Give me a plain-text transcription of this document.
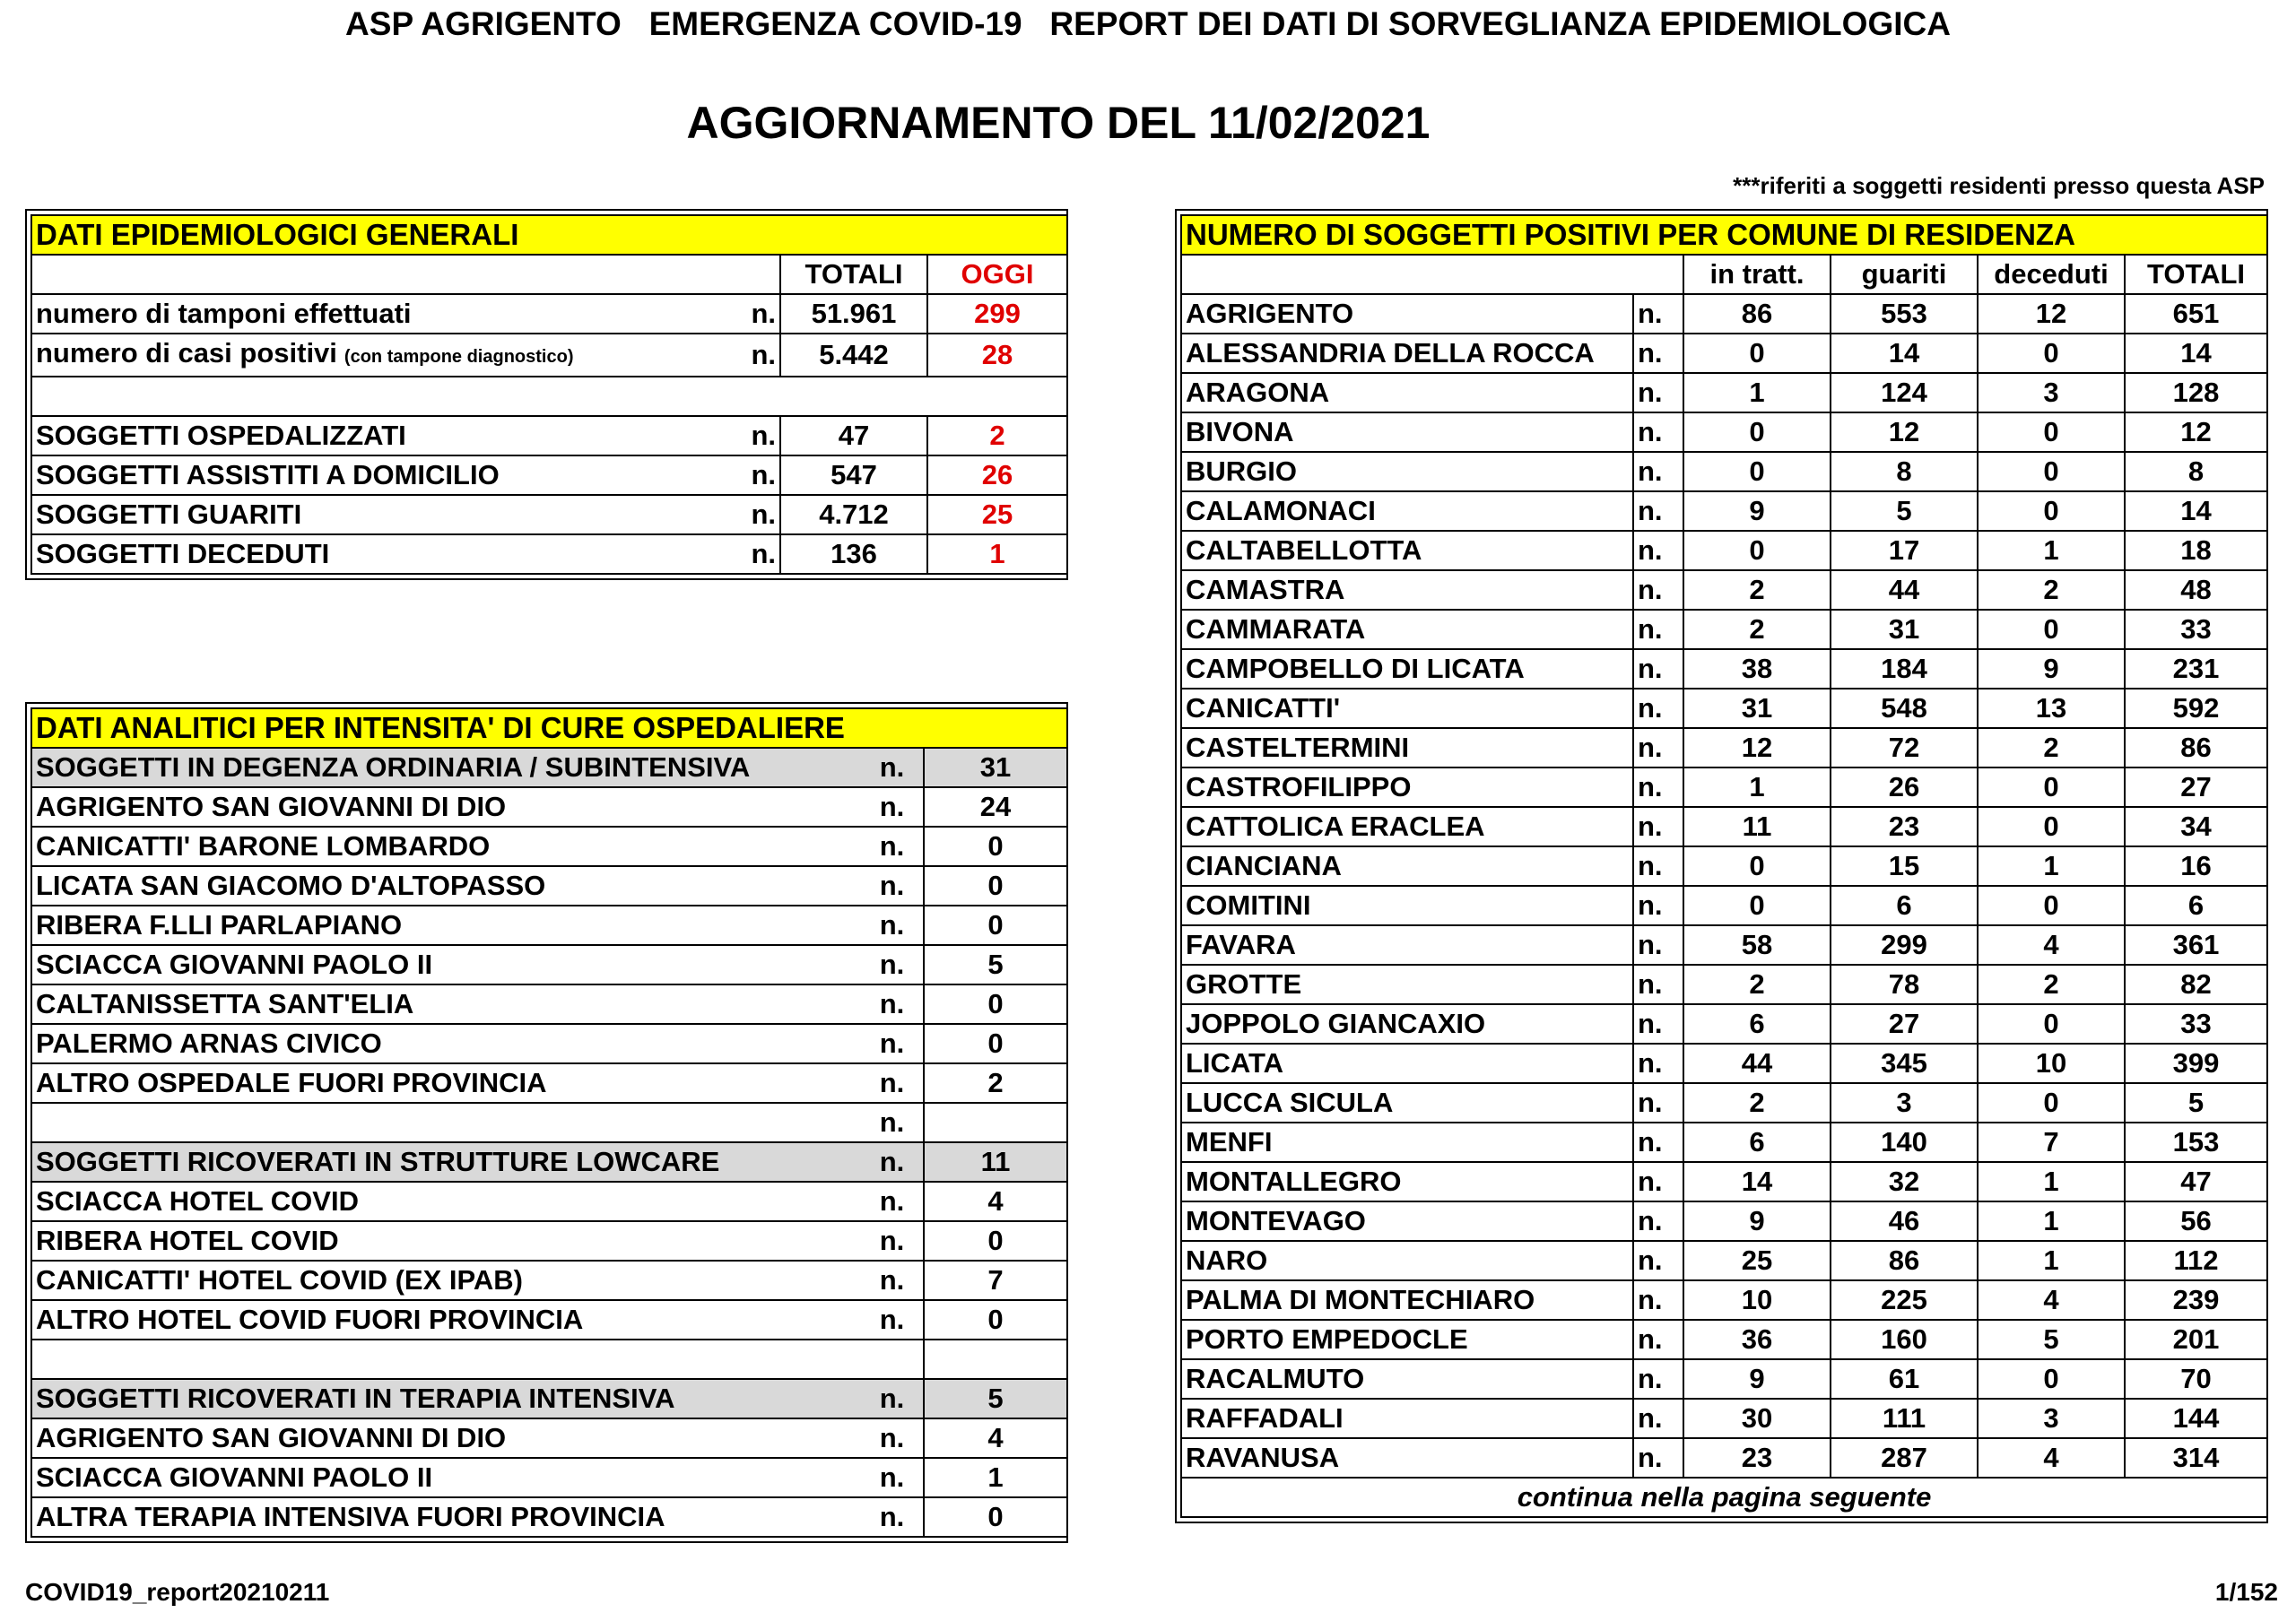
ASP AGRIGENTO   EMERGENZA COVID-19   REPORT DEI DATI DI SORVEGLIANZA EPIDEMIOLOGICA
AGGIORNAMENTO DEL 11/02/2021
***riferiti a soggetti residenti presso questa ASP
DATI EPIDEMIOLOGICI GENERALI			
		TOTALI	OGGI
numero di tamponi effettuati	n.	51.961	299
numero di casi positivi (con tampone diagnostico)	n.	5.442	28

SOGGETTI OSPEDALIZZATI	n.	47	2
SOGGETTI ASSISTITI A DOMICILIO	n.	547	26
SOGGETTI GUARITI	n.	4.712	25
SOGGETTI DECEDUTI	n.	136	1
DATI ANALITICI PER INTENSITA' DI CURE OSPEDALIERE		
SOGGETTI IN DEGENZA ORDINARIA / SUBINTENSIVA	n.	31
AGRIGENTO SAN GIOVANNI DI DIO	n.	24
CANICATTI' BARONE LOMBARDO	n.	0
LICATA SAN GIACOMO D'ALTOPASSO	n.	0
RIBERA F.LLI PARLAPIANO	n.	0
SCIACCA GIOVANNI PAOLO II	n.	5
CALTANISSETTA SANT'ELIA	n.	0
PALERMO ARNAS CIVICO	n.	0
ALTRO OSPEDALE FUORI PROVINCIA	n.	2
	n.	
SOGGETTI RICOVERATI IN STRUTTURE LOWCARE	n.	11
SCIACCA HOTEL COVID	n.	4
RIBERA HOTEL COVID	n.	0
CANICATTI' HOTEL COVID (EX IPAB)	n.	7
ALTRO HOTEL COVID FUORI PROVINCIA	n.	0

SOGGETTI RICOVERATI IN TERAPIA INTENSIVA	n.	5
AGRIGENTO SAN GIOVANNI DI DIO	n.	4
SCIACCA GIOVANNI PAOLO II	n.	1
ALTRA TERAPIA INTENSIVA FUORI PROVINCIA	n.	0
NUMERO DI SOGGETTI POSITIVI PER COMUNE DI RESIDENZA					
		in tratt.	guariti	deceduti	TOTALI
AGRIGENTO	n.	86	553	12	651
ALESSANDRIA DELLA ROCCA	n.	0	14	0	14
ARAGONA	n.	1	124	3	128
BIVONA	n.	0	12	0	12
BURGIO	n.	0	8	0	8
CALAMONACI	n.	9	5	0	14
CALTABELLOTTA	n.	0	17	1	18
CAMASTRA	n.	2	44	2	48
CAMMARATA	n.	2	31	0	33
CAMPOBELLO DI LICATA	n.	38	184	9	231
CANICATTI'	n.	31	548	13	592
CASTELTERMINI	n.	12	72	2	86
CASTROFILIPPO	n.	1	26	0	27
CATTOLICA ERACLEA	n.	11	23	0	34
CIANCIANA	n.	0	15	1	16
COMITINI	n.	0	6	0	6
FAVARA	n.	58	299	4	361
GROTTE	n.	2	78	2	82
JOPPOLO GIANCAXIO	n.	6	27	0	33
LICATA	n.	44	345	10	399
LUCCA SICULA	n.	2	3	0	5
MENFI	n.	6	140	7	153
MONTALLEGRO	n.	14	32	1	47
MONTEVAGO	n.	9	46	1	56
NARO	n.	25	86	1	112
PALMA DI MONTECHIARO	n.	10	225	4	239
PORTO EMPEDOCLE	n.	36	160	5	201
RACALMUTO	n.	9	61	0	70
RAFFADALI	n.	30	111	3	144
RAVANUSA	n.	23	287	4	314
continua nella pagina seguente					
COVID19_report20210211	1/152
